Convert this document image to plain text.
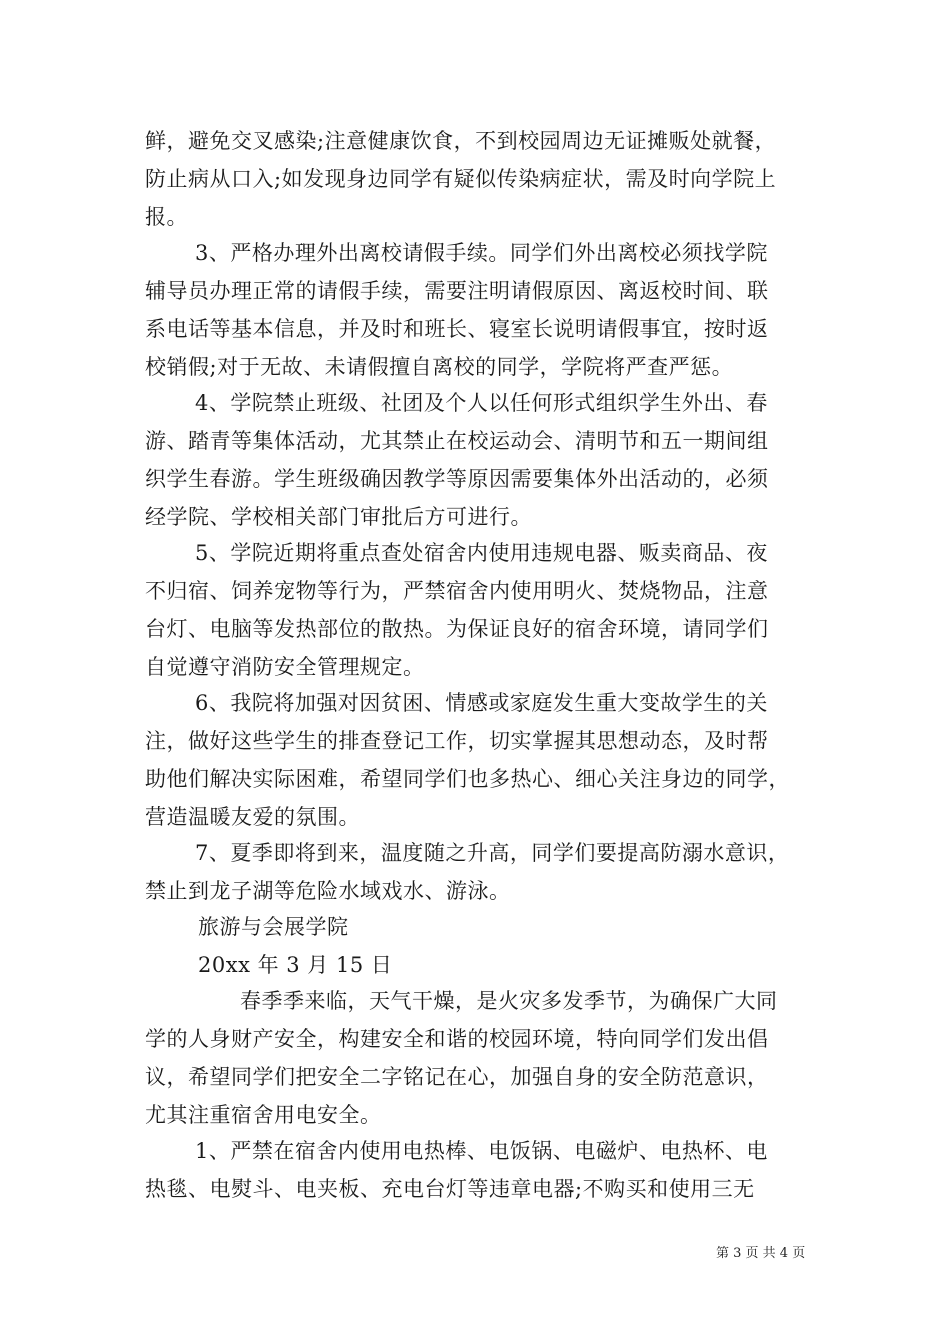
鲜，避免交叉感染;注意健康饮食，不到校园周边无证摊贩处就餐，
防止病从口入;如发现身边同学有疑似传染病症状，需及时向学院上
报。
3、严格办理外出离校请假手续。同学们外出离校必须找学院
辅导员办理正常的请假手续，需要注明请假原因、离返校时间、联
系电话等基本信息，并及时和班长、寝室长说明请假事宜，按时返
校销假;对于无故、未请假擅自离校的同学，学院将严查严惩。
4、学院禁止班级、社团及个人以任何形式组织学生外出、春
游、踏青等集体活动，尤其禁止在校运动会、清明节和五一期间组
织学生春游。学生班级确因教学等原因需要集体外出活动的，必须
经学院、学校相关部门审批后方可进行。
5、学院近期将重点查处宿舍内使用违规电器、贩卖商品、夜
不归宿、饲养宠物等行为，严禁宿舍内使用明火、焚烧物品，注意
台灯、电脑等发热部位的散热。为保证良好的宿舍环境，请同学们
自觉遵守消防安全管理规定。
6、我院将加强对因贫困、情感或家庭发生重大变故学生的关
注，做好这些学生的排查登记工作，切实掌握其思想动态，及时帮
助他们解决实际困难，希望同学们也多热心、细心关注身边的同学，
营造温暖友爱的氛围。
7、夏季即将到来，温度随之升高，同学们要提高防溺水意识，
禁止到龙子湖等危险水域戏水、游泳。
旅游与会展学院
20xx 年 3 月 15 日
春季季来临，天气干燥，是火灾多发季节，为确保广大同
学的人身财产安全，构建安全和谐的校园环境，特向同学们发出倡
议，希望同学们把安全二字铭记在心，加强自身的安全防范意识，
尤其注重宿舍用电安全。
1、严禁在宿舍内使用电热棒、电饭锅、电磁炉、电热杯、电
热毯、电熨斗、电夹板、充电台灯等违章电器;不购买和使用三无
第 3 页 共 4 页
